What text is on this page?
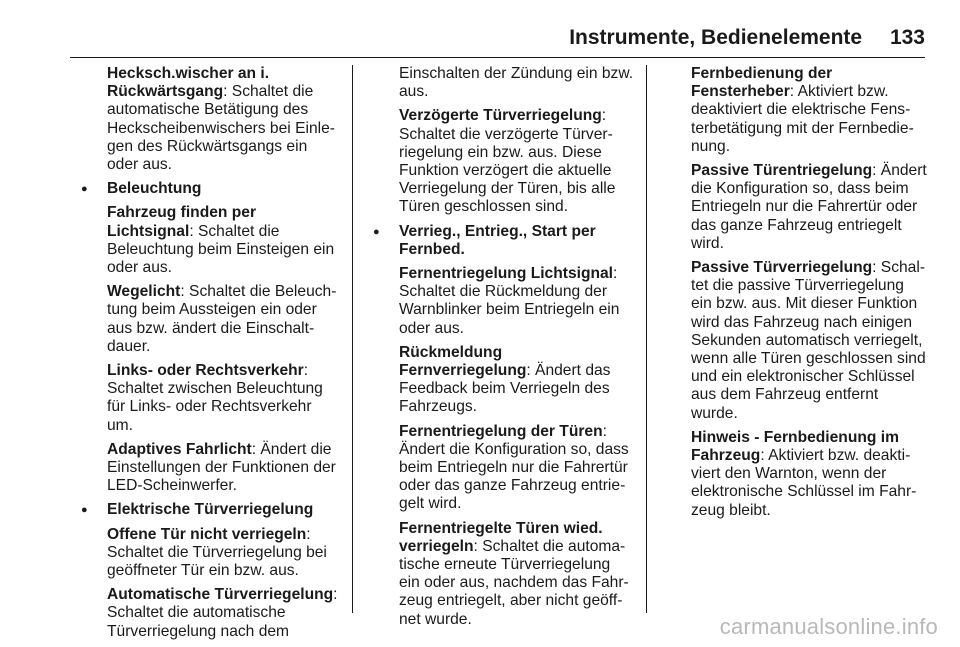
Instrumente, Bedienelemente 133

Hecksch.wischer an i. Rückwärtsgang: Schaltet die automatische Betätigung des Heckscheibenwischers bei Einlegen des Rückwärtsgangs ein oder aus.

● Beleuchtung

Fahrzeug finden per Lichtsignal: Schaltet die Beleuchtung beim Einsteigen ein oder aus.

Wegelicht: Schaltet die Beleuchtung beim Aussteigen ein oder aus bzw. ändert die Einschaltdauer.

Links- oder Rechtsverkehr: Schaltet zwischen Beleuchtung für Links- oder Rechtsverkehr um.

Adaptives Fahrlicht: Ändert die Einstellungen der Funktionen der LED-Scheinwerfer.

● Elektrische Türverriegelung

Offene Tür nicht verriegeln: Schaltet die Türverriegelung bei geöffneter Tür ein bzw. aus.

Automatische Türverriegelung: Schaltet die automatische Türverriegelung nach dem

Einschalten der Zündung ein bzw. aus.

Verzögerte Türverriegelung: Schaltet die verzögerte Türverriegelung ein bzw. aus. Diese Funktion verzögert die aktuelle Verriegelung der Türen, bis alle Türen geschlossen sind.

● Verrieg., Entrieg., Start per Fernbed.

Fernentriegelung Lichtsignal: Schaltet die Rückmeldung der Warnblinker beim Entriegeln ein oder aus.

Rückmeldung Fernverriegelung: Ändert das Feedback beim Verriegeln des Fahrzeugs.

Fernentriegelung der Türen: Ändert die Konfiguration so, dass beim Entriegeln nur die Fahrertür oder das ganze Fahrzeug entriegelt wird.

Fernentriegelte Türen wied. verriegeln: Schaltet die automatische erneute Türverriegelung ein oder aus, nachdem das Fahrzeug entriegelt, aber nicht geöffnet wurde.

Fernbedienung der Fensterheber: Aktiviert bzw. deaktiviert die elektrische Fensterbetätigung mit der Fernbedienung.

Passive Türentriegelung: Ändert die Konfiguration so, dass beim Entriegeln nur die Fahrertür oder das ganze Fahrzeug entriegelt wird.

Passive Türverriegelung: Schaltet die passive Türverriegelung ein bzw. aus. Mit dieser Funktion wird das Fahrzeug nach einigen Sekunden automatisch verriegelt, wenn alle Türen geschlossen sind und ein elektronischer Schlüssel aus dem Fahrzeug entfernt wurde.

Hinweis - Fernbedienung im Fahrzeug: Aktiviert bzw. deaktiviert den Warnton, wenn der elektronische Schlüssel im Fahrzeug bleibt.

carmanualsonline.info
